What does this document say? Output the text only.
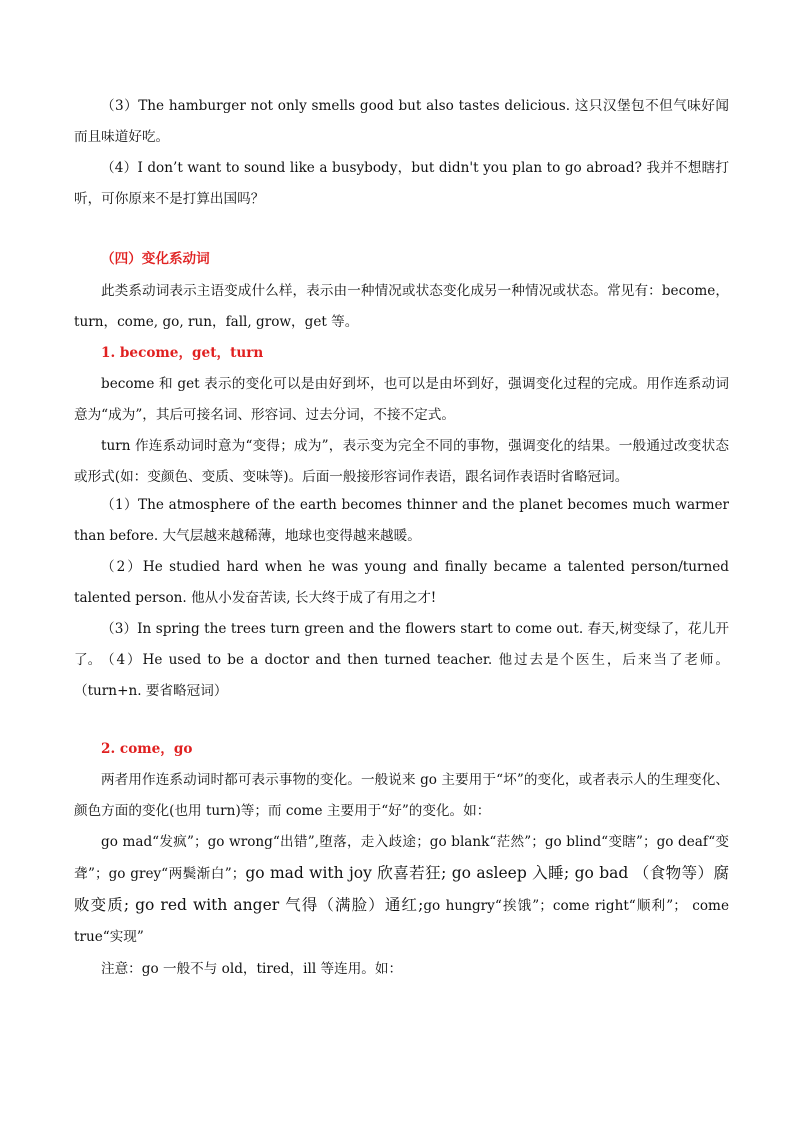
（3）The hamburger not only smells good but also tastes delicious. 这只汉堡包不但气味好闻而且味道好吃。

（4）I don’t want to sound like a busybody，but didn't you plan to go abroad? 我并不想瞎打听，可你原来不是打算出国吗？

（四）变化系动词

此类系动词表示主语变成什么样，表示由一种情况或状态变化成另一种情况或状态。常见有：become，turn，come, go, run，fall, grow，get 等。

1. become，get，turn

become 和 get 表示的变化可以是由好到坏，也可以是由坏到好，强调变化过程的完成。用作连系动词意为“成为”，其后可接名词、形容词、过去分词，不接不定式。

turn 作连系动词时意为“变得；成为”，表示变为完全不同的事物，强调变化的结果。一般通过改变状态或形式(如：变颜色、变质、变味等)。后面一般接形容词作表语，跟名词作表语时省略冠词。

（1）The atmosphere of the earth becomes thinner and the planet becomes much warmer than before. 大气层越来越稀薄，地球也变得越来越暖。

（2）He studied hard when he was young and finally became a talented person/turned talented person. 他从小发奋苦读, 长大终于成了有用之才!

（3）In spring the trees turn green and the flowers start to come out. 春天,树变绿了，花儿开了。 （4）He used to be a doctor and then turned teacher. 他过去是个医生，后来当了老师。（turn+n. 要省略冠词）

2. come，go

两者用作连系动词时都可表示事物的变化。一般说来 go 主要用于“坏”的变化，或者表示人的生理变化、颜色方面的变化(也用 turn)等；而 come 主要用于“好”的变化。如：

go mad“发疯”；go wrong“出错”,堕落，走入歧途；go blank“茫然”；go blind“变瞎”；go deaf“变聋”；go grey“两鬓渐白”；go mad with joy 欣喜若狂; go asleep 入睡; go bad （食物等）腐败变质; go red with anger 气得（满脸）通红;go hungry“挨饿”；come right“顺利”； come true“实现”

注意：go 一般不与 old，tired，ill 等连用。如：
